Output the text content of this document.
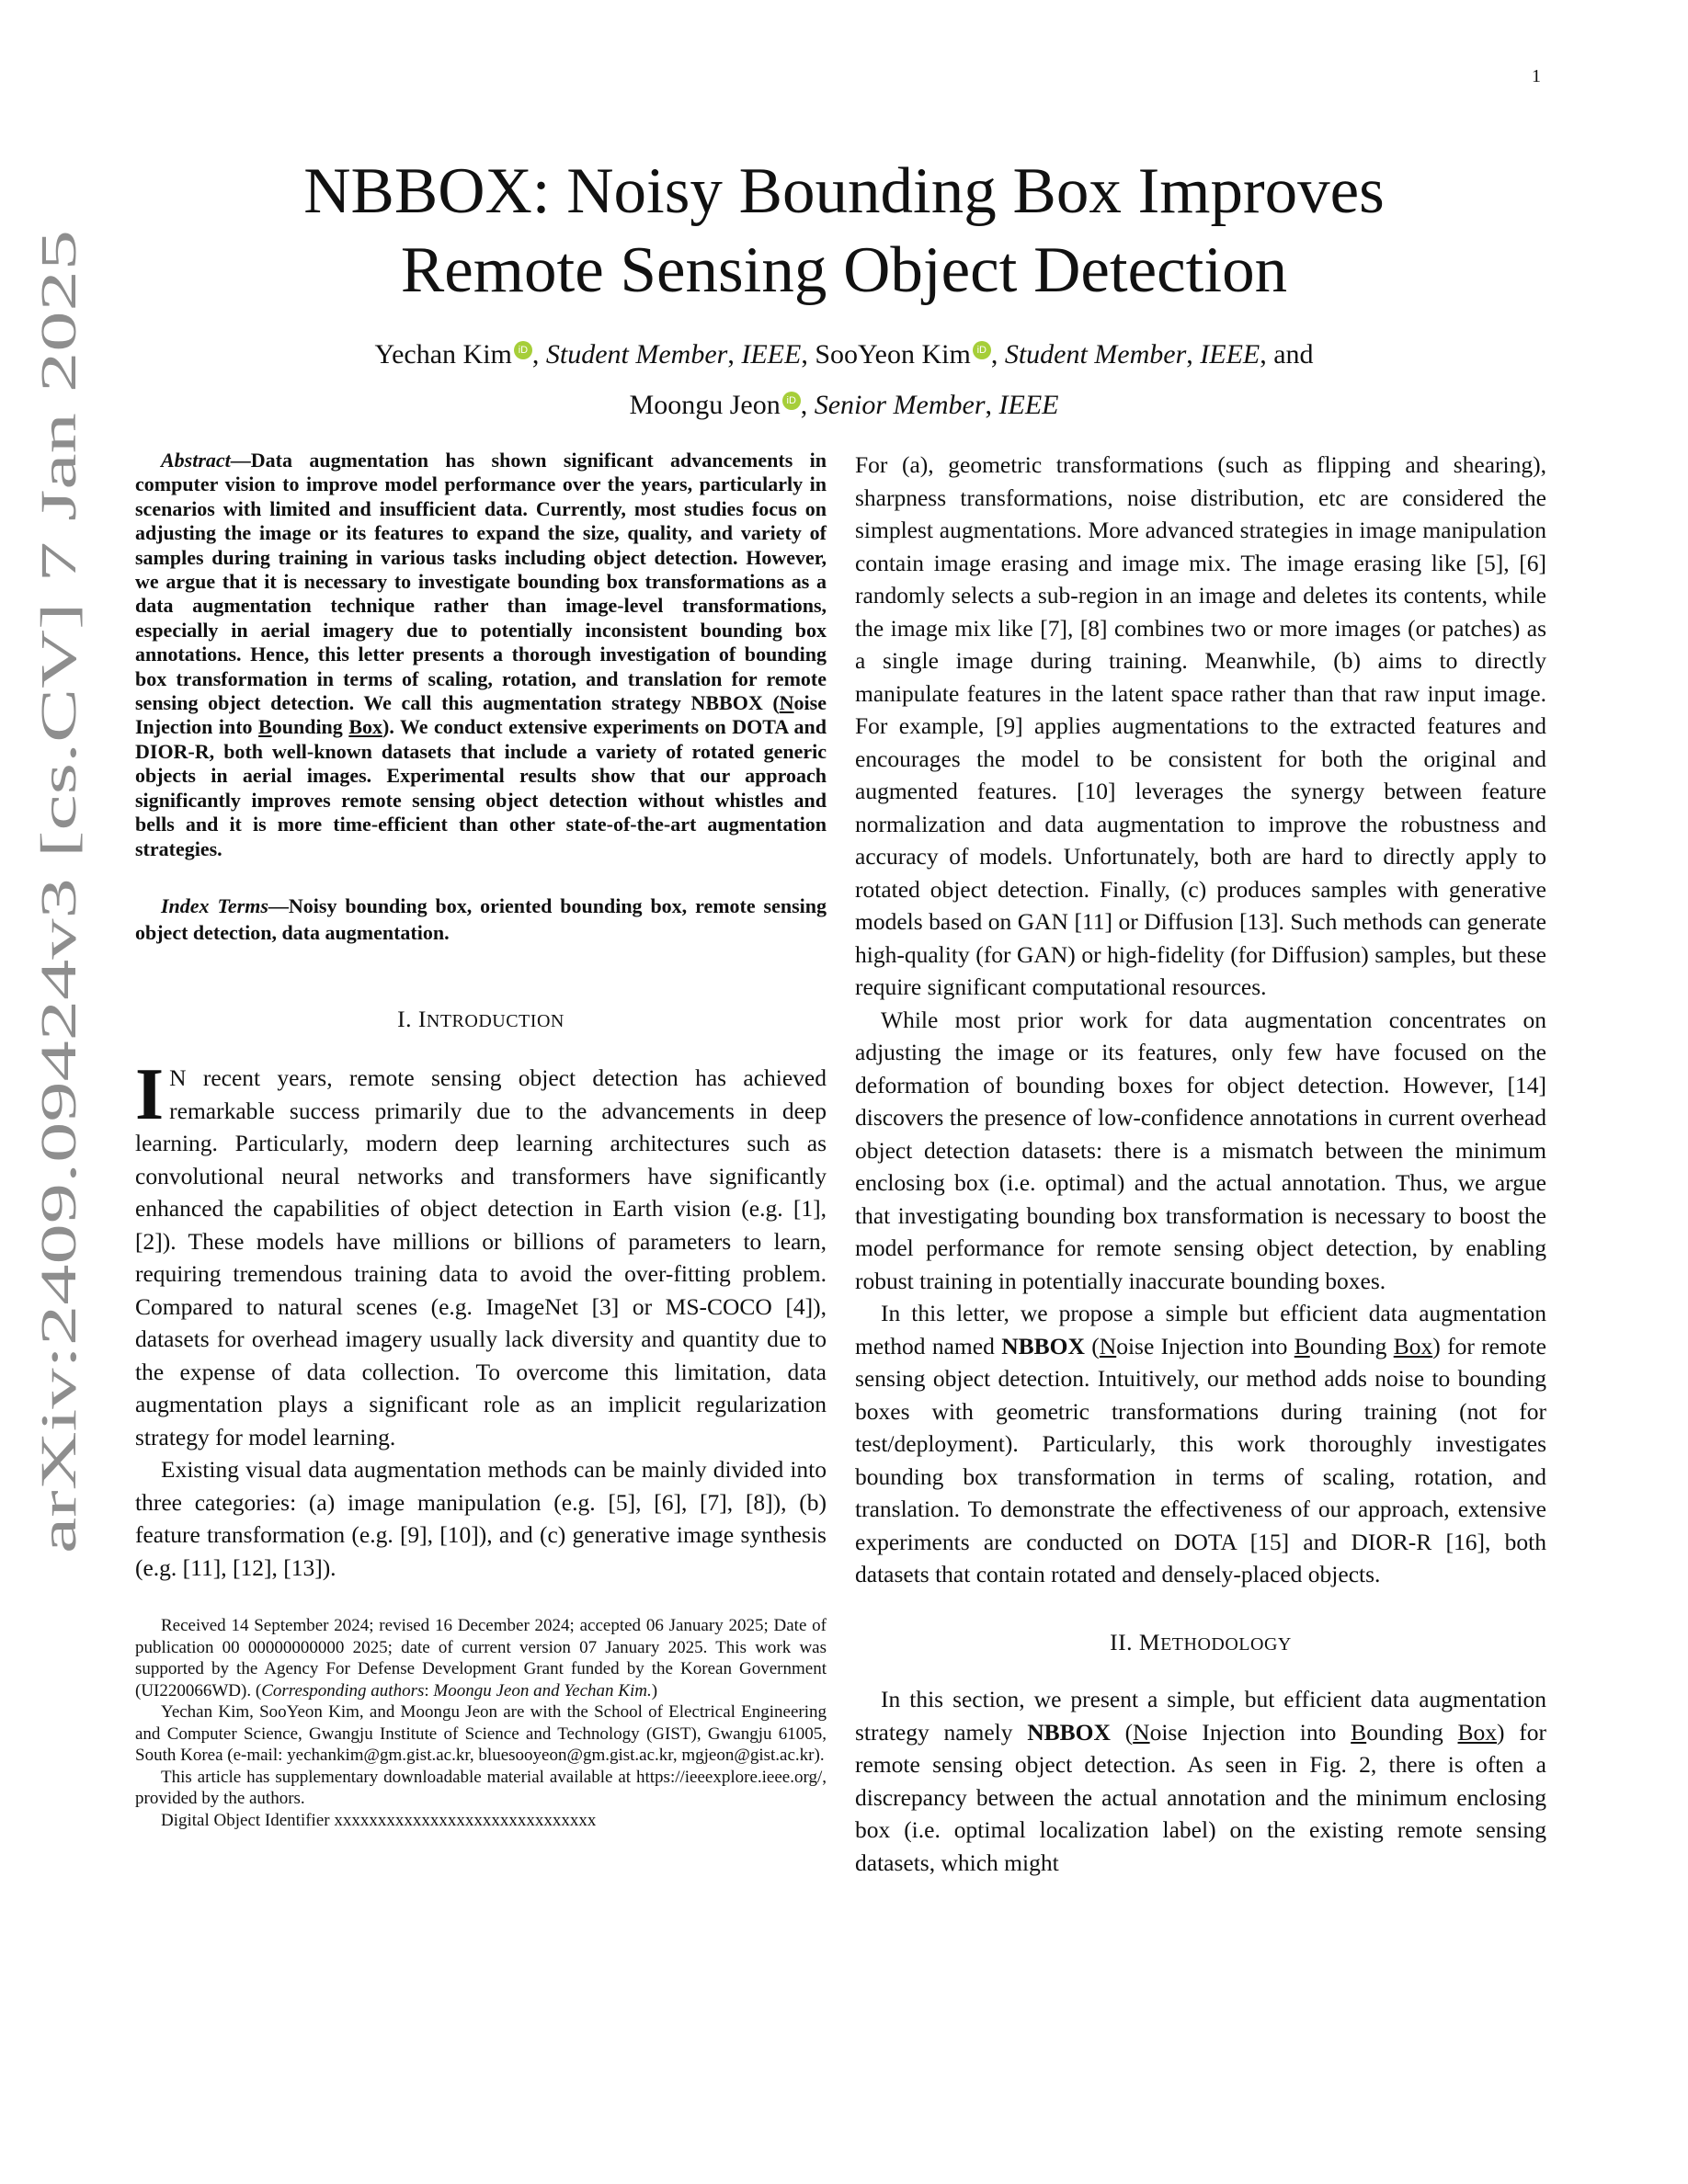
1
arXiv:2409.09424v3 [cs.CV] 7 Jan 2025
NBBOX: Noisy Bounding Box Improves
Remote Sensing Object Detection
Yechan Kim iD , Student Member, IEEE, SooYeon Kim iD , Student Member, IEEE, and
Moongu Jeon iD , Senior Member, IEEE

Abstract—Data augmentation has shown significant advancements in computer vision to improve model performance over the years, particularly in scenarios with limited and insufficient data. Currently, most studies focus on adjusting the image or its features to expand the size, quality, and variety of samples during training in various tasks including object detection. However, we argue that it is necessary to investigate bounding box transformations as a data augmentation technique rather than image-level transformations, especially in aerial imagery due to potentially inconsistent bounding box annotations. Hence, this letter presents a thorough investigation of bounding box transformation in terms of scaling, rotation, and translation for remote sensing object detection. We call this augmentation strategy NBBOX (Noise Injection into Bounding Box). We conduct extensive experiments on DOTA and DIOR-R, both well-known datasets that include a variety of rotated generic objects in aerial images. Experimental results show that our approach significantly improves remote sensing object detection without whistles and bells and it is more time-efficient than other state-of-the-art augmentation strategies.

Index Terms—Noisy bounding box, oriented bounding box, remote sensing object detection, data augmentation.

I. INTRODUCTION

I N recent years, remote sensing object detection has achieved remarkable success primarily due to the advancements in deep learning. Particularly, modern deep learning architectures such as convolutional neural networks and transformers have significantly enhanced the capabilities of object detection in Earth vision (e.g. [1], [2]). These models have millions or billions of parameters to learn, requiring tremendous training data to avoid the over-fitting problem. Compared to natural scenes (e.g. ImageNet [3] or MS-COCO [4]), datasets for overhead imagery usually lack diversity and quantity due to the expense of data collection. To overcome this limitation, data augmentation plays a significant role as an implicit regularization strategy for model learning.

Existing visual data augmentation methods can be mainly divided into three categories: (a) image manipulation (e.g. [5], [6], [7], [8]), (b) feature transformation (e.g. [9], [10]), and (c) generative image synthesis (e.g. [11], [12], [13]).

Received 14 September 2024; revised 16 December 2024; accepted 06 January 2025; Date of publication 00 00000000000 2025; date of current version 07 January 2025. This work was supported by the Agency For Defense Development Grant funded by the Korean Government (UI220066WD). (Corresponding authors: Moongu Jeon and Yechan Kim.)

Yechan Kim, SooYeon Kim, and Moongu Jeon are with the School of Electrical Engineering and Computer Science, Gwangju Institute of Science and Technology (GIST), Gwangju 61005, South Korea (e-mail: yechankim@gm.gist.ac.kr, bluesooyeon@gm.gist.ac.kr, mgjeon@gist.ac.kr).

This article has supplementary downloadable material available at https://ieeexplore.ieee.org/, provided by the authors.

Digital Object Identifier xxxxxxxxxxxxxxxxxxxxxxxxxxxxxx

For (a), geometric transformations (such as flipping and shearing), sharpness transformations, noise distribution, etc are considered the simplest augmentations. More advanced strategies in image manipulation contain image erasing and image mix. The image erasing like [5], [6] randomly selects a sub-region in an image and deletes its contents, while the image mix like [7], [8] combines two or more images (or patches) as a single image during training. Meanwhile, (b) aims to directly manipulate features in the latent space rather than that raw input image. For example, [9] applies augmentations to the extracted features and encourages the model to be consistent for both the original and augmented features. [10] leverages the synergy between feature normalization and data augmentation to improve the robustness and accuracy of models. Unfortunately, both are hard to directly apply to rotated object detection. Finally, (c) produces samples with generative models based on GAN [11] or Diffusion [13]. Such methods can generate high-quality (for GAN) or high-fidelity (for Diffusion) samples, but these require significant computational resources.

While most prior work for data augmentation concentrates on adjusting the image or its features, only few have focused on the deformation of bounding boxes for object detection. However, [14] discovers the presence of low-confidence annotations in current overhead object detection datasets: there is a mismatch between the minimum enclosing box (i.e. optimal) and the actual annotation. Thus, we argue that investigating bounding box transformation is necessary to boost the model performance for remote sensing object detection, by enabling robust training in potentially inaccurate bounding boxes.

In this letter, we propose a simple but efficient data augmentation method named NBBOX (Noise Injection into Bounding Box) for remote sensing object detection. Intuitively, our method adds noise to bounding boxes with geometric transformations during training (not for test/deployment). Particularly, this work thoroughly investigates bounding box transformation in terms of scaling, rotation, and translation. To demonstrate the effectiveness of our approach, extensive experiments are conducted on DOTA [15] and DIOR-R [16], both datasets that contain rotated and densely-placed objects.

II. METHODOLOGY

In this section, we present a simple, but efficient data augmentation strategy namely NBBOX (Noise Injection into Bounding Box) for remote sensing object detection. As seen in Fig. 2, there is often a discrepancy between the actual annotation and the minimum enclosing box (i.e. optimal localization label) on the existing remote sensing datasets, which might
